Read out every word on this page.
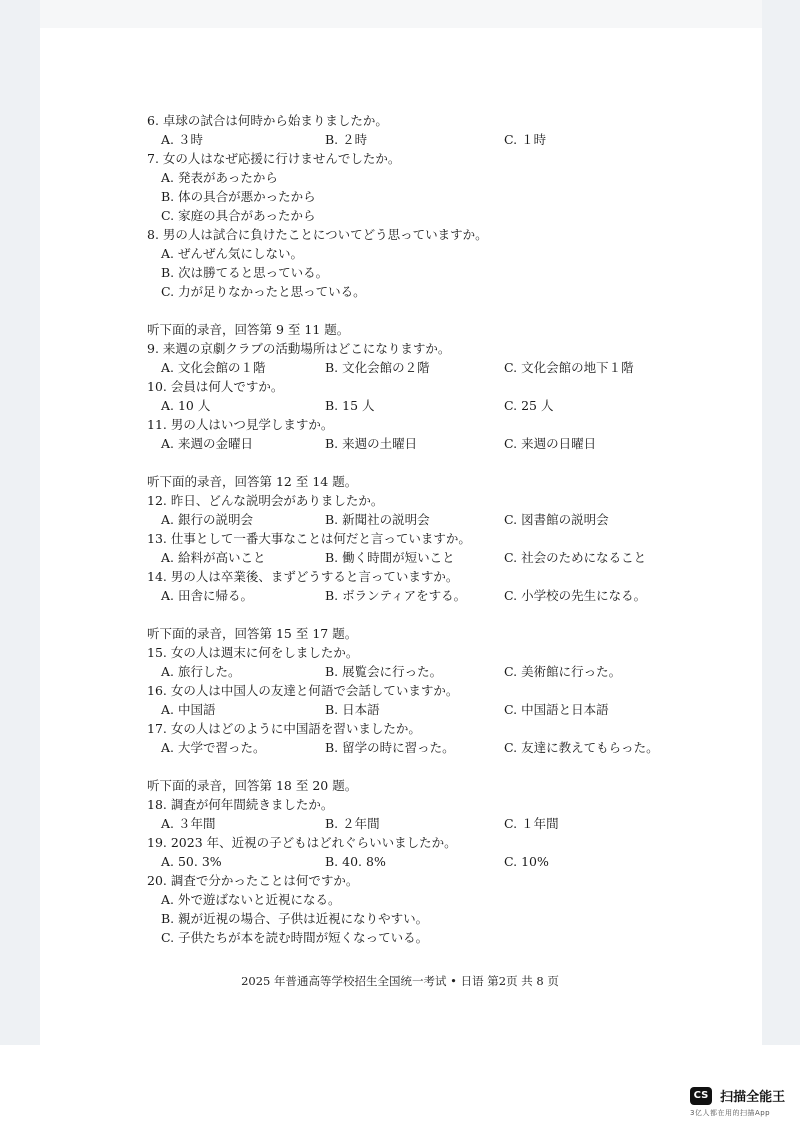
6. 卓球の試合は何時から始まりましたか。
A. ３時	B. ２時	C. １時
7. 女の人はなぜ応援に行けませんでしたか。
A. 発表があったから
B. 体の具合が悪かったから
C. 家庭の具合があったから
8. 男の人は試合に負けたことについてどう思っていますか。
A. ぜんぜん気にしない。
B. 次は勝てると思っている。
C. 力が足りなかったと思っている。
听下面的录音，回答第 9 至 11 题。
9. 来週の京劇クラブの活動場所はどこになりますか。
A. 文化会館の１階	B. 文化会館の２階	C. 文化会館の地下１階
10. 会員は何人ですか。
A. 10 人	B. 15 人	C. 25 人
11. 男の人はいつ見学しますか。
A. 来週の金曜日	B. 来週の土曜日	C. 来週の日曜日
听下面的录音，回答第 12 至 14 题。
12. 昨日、どんな説明会がありましたか。
A. 銀行の説明会	B. 新聞社の説明会	C. 図書館の説明会
13. 仕事として一番大事なことは何だと言っていますか。
A. 給料が高いこと	B. 働く時間が短いこと	C. 社会のためになること
14. 男の人は卒業後、まずどうすると言っていますか。
A. 田舎に帰る。	B. ボランティアをする。	C. 小学校の先生になる。
听下面的录音，回答第 15 至 17 题。
15. 女の人は週末に何をしましたか。
A. 旅行した。	B. 展覧会に行った。	C. 美術館に行った。
16. 女の人は中国人の友達と何語で会話していますか。
A. 中国語	B. 日本語	C. 中国語と日本語
17. 女の人はどのように中国語を習いましたか。
A. 大学で習った。	B. 留学の時に習った。	C. 友達に教えてもらった。
听下面的录音，回答第 18 至 20 题。
18. 調査が何年間続きましたか。
A. ３年間	B. ２年間	C. １年間
19. 2023 年、近視の子どもはどれぐらいいましたか。
A. 50. 3%	B. 40. 8%	C. 10%
20. 調査で分かったことは何ですか。
A. 外で遊ばないと近視になる。
B. 親が近視の場合、子供は近視になりやすい。
C. 子供たちが本を読む時間が短くなっている。
2025 年普通高等学校招生全国统一考试 • 日语 第2页 共 8 页
CS 扫描全能王
3亿人都在用的扫描App
